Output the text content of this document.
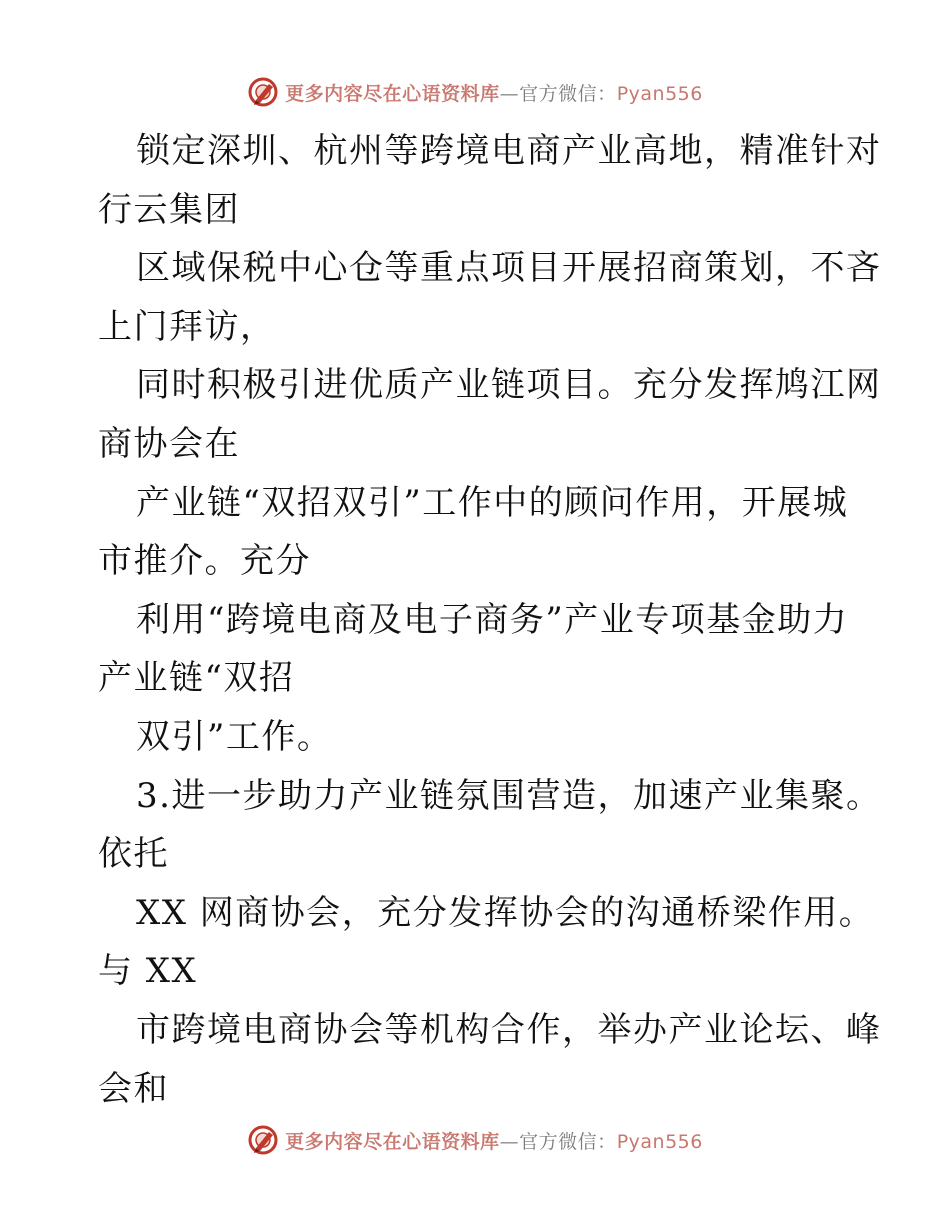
更多内容尽在心语资料库—官方微信：Pyan556
锁定深圳、杭州等跨境电商产业高地，精准针对
行云集团
区域保税中心仓等重点项目开展招商策划，不吝
上门拜访，
同时积极引进优质产业链项目。充分发挥鸠江网
商协会在
产业链“双招双引”工作中的顾问作用，开展城
市推介。充分
利用“跨境电商及电子商务”产业专项基金助力
产业链“双招
双引”工作。
3.进一步助力产业链氛围营造，加速产业集聚。
依托
XX 网商协会，充分发挥协会的沟通桥梁作用。
与 XX
市跨境电商协会等机构合作，举办产业论坛、峰
会和
更多内容尽在心语资料库—官方微信：Pyan556
